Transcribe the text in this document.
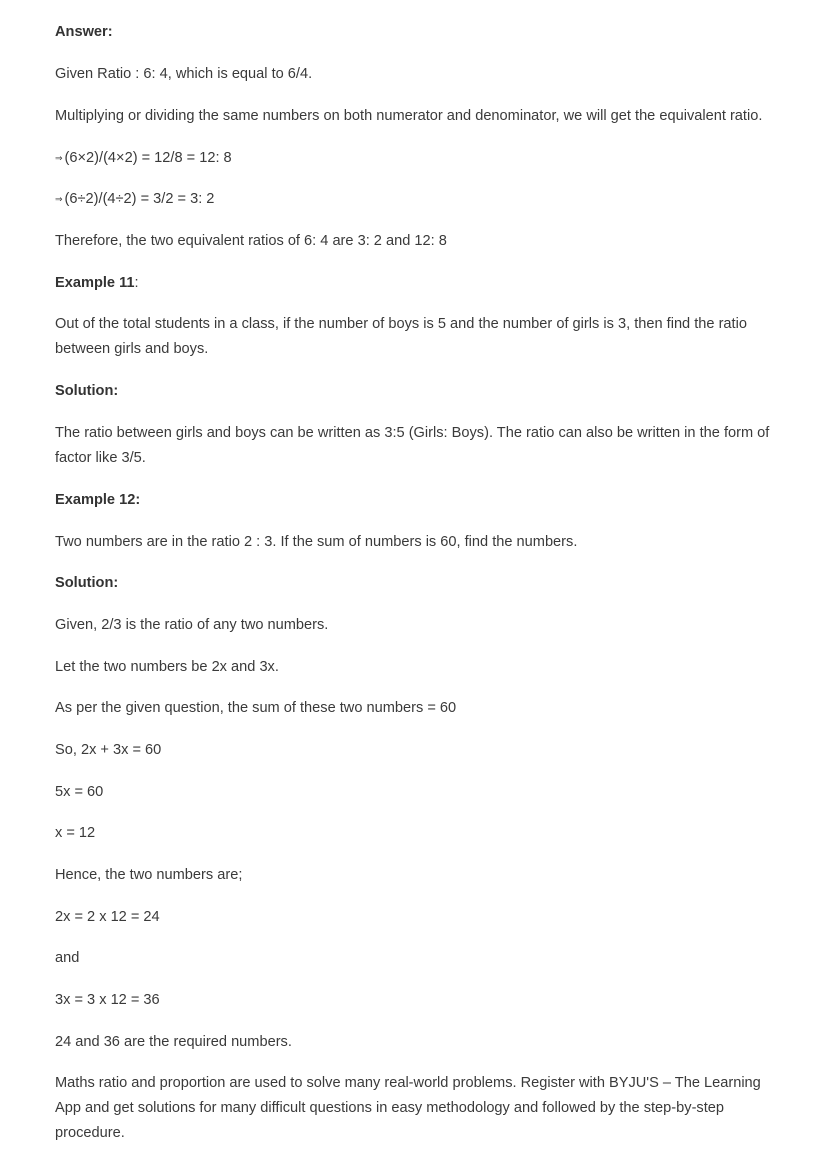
Answer:
Given Ratio : 6: 4, which is equal to 6/4.
Multiplying or dividing the same numbers on both numerator and denominator, we will get the equivalent ratio.
⇒ (6×2)/(4×2) = 12/8 = 12: 8
⇒ (6÷2)/(4÷2) = 3/2 = 3: 2
Therefore, the two equivalent ratios of 6: 4 are 3: 2 and 12: 8
Example 11:
Out of the total students in a class, if the number of boys is 5 and the number of girls is 3, then find the ratio between girls and boys.
Solution:
The ratio between girls and boys can be written as 3:5 (Girls: Boys). The ratio can also be written in the form of factor like 3/5.
Example 12:
Two numbers are in the ratio 2 : 3. If the sum of numbers is 60, find the numbers.
Solution:
Given, 2/3 is the ratio of any two numbers.
Let the two numbers be 2x and 3x.
As per the given question, the sum of these two numbers = 60
So, 2x + 3x = 60
5x = 60
x = 12
Hence, the two numbers are;
2x = 2 x 12 = 24
and
3x = 3 x 12 = 36
24 and 36 are the required numbers.
Maths ratio and proportion are used to solve many real-world problems. Register with BYJU'S – The Learning App and get solutions for many difficult questions in easy methodology and followed by the step-by-step procedure.
